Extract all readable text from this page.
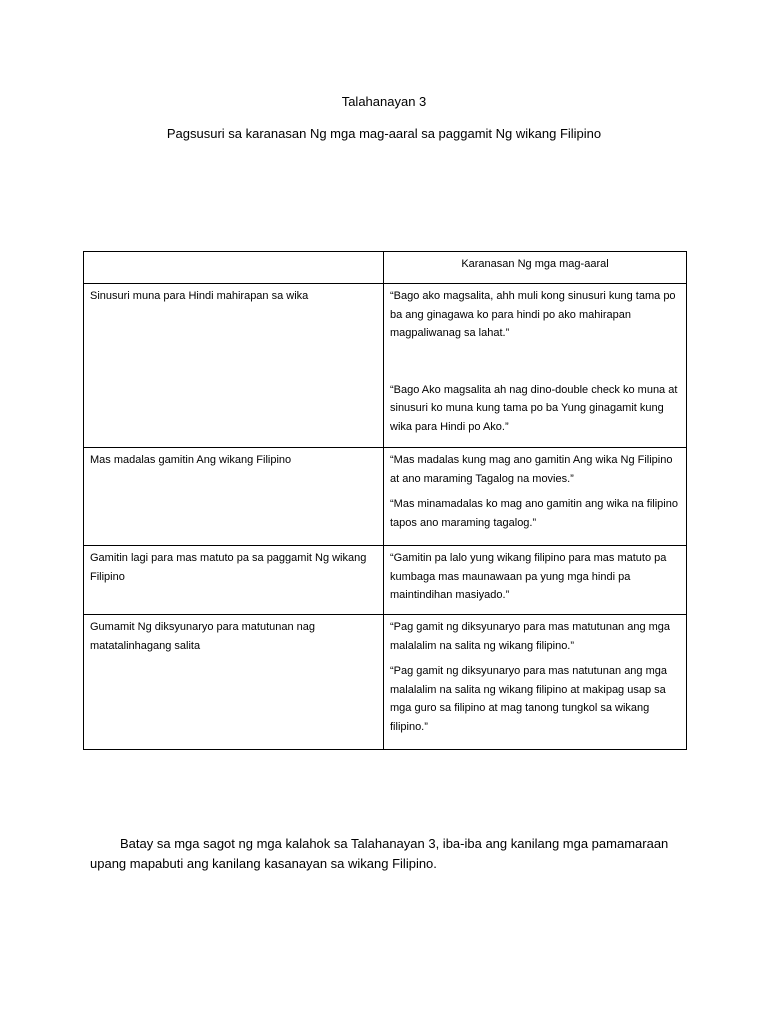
Talahanayan 3
Pagsusuri sa karanasan Ng mga mag-aaral sa paggamit Ng wikang Filipino
	Karanasan Ng mga mag-aaral
Sinusuri muna para Hindi mahirapan sa wika	“Bago ako magsalita, ahh muli kong sinusuri kung tama po ba ang ginagawa ko para hindi po ako mahirapan magpaliwanag sa lahat.”

“Bago Ako magsalita ah nag dino-double check ko muna at sinusuri ko muna kung tama po ba Yung ginagamit kung wika para Hindi po Ako.”

Mas madalas gamitin Ang wikang Filipino	“Mas madalas kung mag ano gamitin Ang wika Ng Filipino at ano maraming Tagalog na movies.”

“Mas minamadalas ko mag ano gamitin ang wika na filipino tapos ano maraming tagalog.”

Gamitin lagi para mas matuto pa sa paggamit Ng wikang Filipino	“Gamitin pa lalo yung wikang filipino para mas matuto pa kumbaga mas maunawaan pa yung mga hindi pa maintindihan masiyado.”

Gumamit Ng diksyunaryo para matutunan nag matatalinhagang salita	“Pag gamit ng diksyunaryo para mas matutunan ang mga malalalim na salita ng wikang filipino.”

“Pag gamit ng diksyunaryo para mas natutunan ang mga malalalim na salita ng wikang filipino at makipag usap sa mga guro sa filipino at mag tanong tungkol sa wikang filipino.”

Batay sa mga sagot ng mga kalahok sa Talahanayan 3, iba-iba ang kanilang mga pamamaraan upang mapabuti ang kanilang kasanayan sa wikang Filipino.
